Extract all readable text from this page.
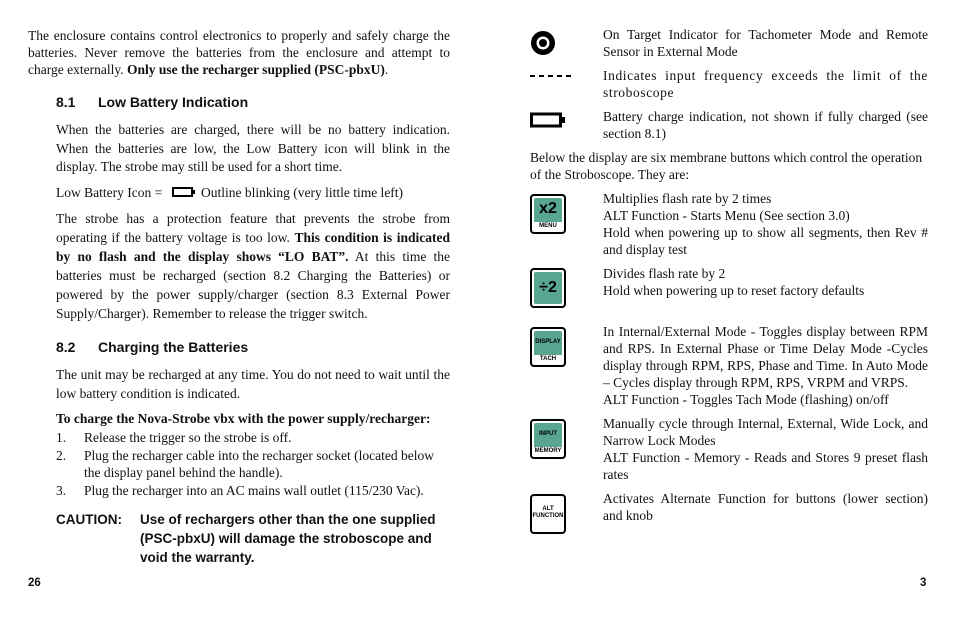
The enclosure contains control electronics to properly and safely charge the batteries. Never remove the batteries from the enclosure and attempt to charge externally. Only use the recharger supplied (PSC-pbxU).

8.1 Low Battery Indication

When the batteries are charged, there will be no battery indication. When the batteries are low, the Low Battery icon will blink in the display. The strobe may still be used for a short time.

Low Battery Icon =	Outline blinking (very little time left)

The strobe has a protection feature that prevents the strobe from operating if the battery voltage is too low. This condition is indicated by no flash and the display shows “LO BAT”. At this time the batteries must be recharged (section 8.2 Charging the Batteries) or powered by the power supply/charger (section 8.3 External Power Supply/Charger). Remember to release the trigger switch.

8.2 Charging the Batteries

The unit may be recharged at any time. You do not need to wait until the low battery condition is indicated.

To charge the Nova-Strobe vbx with the power supply/recharger:

1. Release the trigger so the strobe is off.
2. Plug the recharger cable into the recharger socket (located below the display panel behind the handle).
3. Plug the recharger into an AC mains wall outlet (115/230 Vac).
CAUTION:	Use of rechargers other than the one supplied (PSC-pbxU) will damage the stroboscope and void the warranty.
26

On Target Indicator for Tachometer Mode and Remote Sensor in External Mode

Indicates input frequency exceeds the limit of the stroboscope

Battery charge indication, not shown if fully charged (see section 8.1)

Below the display are six membrane buttons which control the operation of the Stroboscope. They are:

x2
MENU

Multiplies flash rate by 2 times

ALT Function - Starts Menu (See section 3.0)

Hold when powering up to show all segments, then Rev # and display test

÷2

Divides flash rate by 2

Hold when powering up to reset factory defaults

DISPLAY
TACH

In Internal/External Mode - Toggles display between RPM and RPS. In External Phase or Time Delay Mode -Cycles display through RPM, RPS, Phase and Time. In Auto Mode – Cycles display through RPM, RPS, VRPM and VRPS.

ALT Function - Toggles Tach Mode (flashing) on/off

INPUT
MEMORY

Manually cycle through Internal, External, Wide Lock, and Narrow Lock Modes

ALT Function - Memory - Reads and Stores 9 preset flash rates

ALT
FUNCTION

Activates Alternate Function for buttons (lower section) and knob

3
